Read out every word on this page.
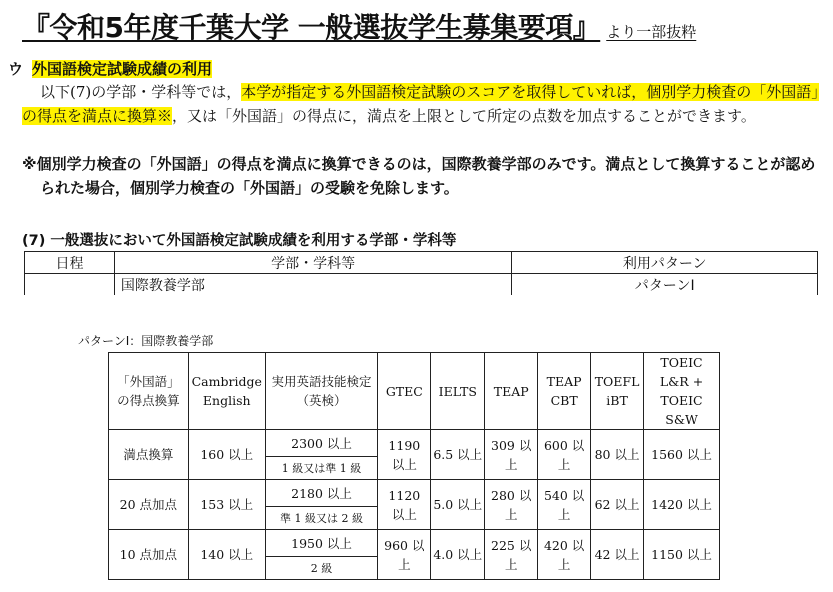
『令和5年度千葉大学 一般選抜学生募集要項』 より一部抜粋
ウ 外国語検定試験成績の利用

以下(7)の学部・学科等では，本学が指定する外国語検定試験のスコアを取得していれば，個別学力検査の「外国語」の得点を満点に換算※，又は「外国語」の得点に，満点を上限として所定の点数を加点することができます。

※個別学力検査の「外国語」の得点を満点に換算できるのは，国際教養学部のみです。満点として換算することが認められた場合，個別学力検査の「外国語」の受験を免除します。

(7) 一般選抜において外国語検定試験成績を利用する学部・学科等
日程	学部・学科等	利用パターン
	国際教養学部	パターンⅠ
パターンⅠ：国際教養学部
「外国語」の得点換算	Cambridge English	実用英語技能検定（英検）	GTEC	IELTS	TEAP	TEAP CBT	TOEFL iBT	TOEIC L&R + TOEIC S&W
満点換算	160 以上	2300 以上	1190 以上	6.5 以上	309 以上	600 以上	80 以上	1560 以上
		1 級又は準 1 級						
20 点加点	153 以上	2180 以上	1120 以上	5.0 以上	280 以上	540 以上	62 以上	1420 以上
		準 1 級又は 2 級						
10 点加点	140 以上	1950 以上	960 以上	4.0 以上	225 以上	420 以上	42 以上	1150 以上
		2 級						
